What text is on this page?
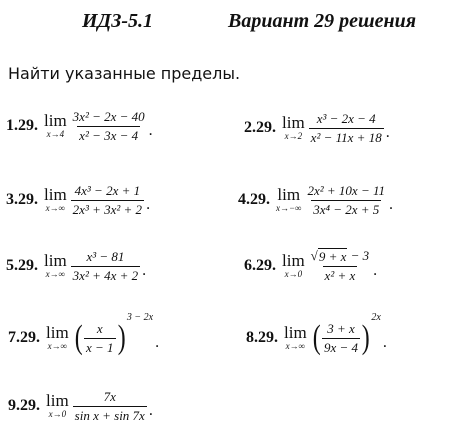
ИДЗ-5.1	Вариант 29 решения
Найти указанные пределы.
1.29. lim
$x\to 4 \frac{\text{3x² − 2x − 40}}{\text{x² − 3x − 4}}$ .	2.29. lim
$x\to 2 \frac{\text{x³ − 2x − 4}}{\text{x² − 11x + 18}}$ .
3.29. lim
$x\to\infty \frac{\text{4x³ − 2x + 1}}{\text{2x³ + 3x² + 2}}$ .	4.29. lim
$x\to-\infty \frac{\text{2x² + 10x − 11}}{\text{3x⁴ − 2x + 5}}$ .
5.29. lim
$x\to\infty \frac{\text{x³ − 81}}{\text{3x² + 4x + 2}}$ .	6.29. lim
$x\to 0 \frac{√ 9 + x - 3}{\text{x² + x}}$ .
7.29. lim
x→∞ ( $\frac{x}{x - 1}$ )
3 − 2x
.	8.29. lim
x→∞ ( $\frac{3 + x}{9x - 4}$ )
2x
.
9.29. lim
$x\to 0 \frac{7x}{\text{sin x + sin 7x}}$ .
